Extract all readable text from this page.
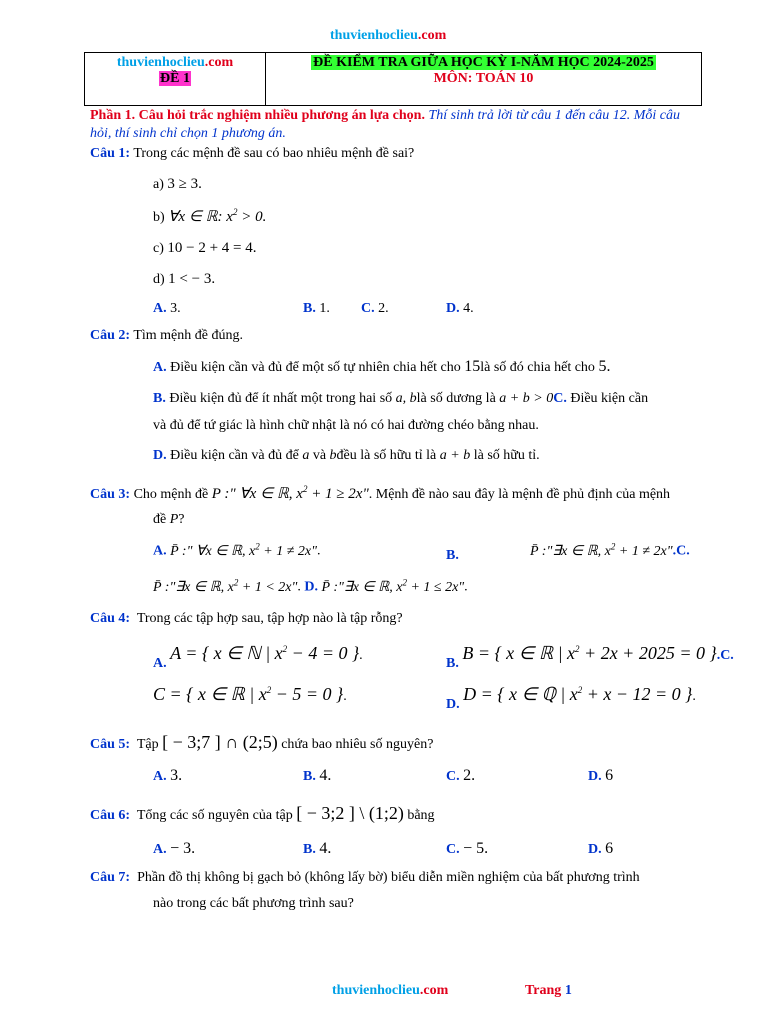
thuvienhoclieu.com
thuvienhoclieu.com
ĐỀ 1
ĐỀ KIỂM TRA GIỮA HỌC KỲ I-NĂM HỌC 2024-2025
MÔN: TOÁN 10
Phần 1. Câu hỏi trắc nghiệm nhiều phương án lựa chọn. Thí sinh trả lời từ câu 1 đến câu 12. Mỗi câu
hỏi, thí sinh chỉ chọn 1 phương án.
Câu 1: Trong các mệnh đề sau có bao nhiêu mệnh đề sai?
a) 3 ≥ 3.
b) ∀x ∈ ℝ: $x^2 > 0$.
c) 10 − 2 + 4 = 4.
d) 1 < − 3.
A. 3.	B. 1. C. 2.	D. 4.
Câu 2: Tìm mệnh đề đúng.
A. Điều kiện cần và đủ để một số tự nhiên chia hết cho 15là số đó chia hết cho 5.
B. Điều kiện đủ để ít nhất một trong hai số a, blà số dương là a + b > 0C. Điều kiện cần
và đủ để tứ giác là hình chữ nhật là nó có hai đường chéo bằng nhau.
D. Điều kiện cần và đủ để a và bđều là số hữu tỉ là a + b là số hữu tỉ.
Câu 3: Cho mệnh đề P :" ∀x ∈ ℝ, $x^2 + 1 \ge 2x$". Mệnh đề nào sau đây là mệnh đề phủ định của mệnh
đề P?
A. P̄ :" ∀x ∈ ℝ, $x^2 + 1 \ne 2x$".	B.	P̄ :"∃x ∈ ℝ, $x^2 + 1$ ≠ 2x".C.
P̄ :"∃x ∈ ℝ, $x^2 + 1 < 2x$". D. P̄ :"∃x ∈ ℝ, $x^2 + 1 \le 2x$".
Câu 4: Trong các tập hợp sau, tập hợp nào là tập rỗng?
A. A = { x ∈ ℕ | $x^2 - 4 = 0$ }.
B. B = { x ∈ ℝ | $x^2 + 2x + 2025 = 0$ }.C.
C = { x ∈ ℝ | $x^2 - 5 = 0$ }.
D. D = { x ∈ ℚ | $x^2 + x - 12 = 0$ }.
Câu 5: Tập [ − 3;7 ] ∩ (2;5) chứa bao nhiêu số nguyên?
A. 3.	B. 4.	C. 2.	D. 6
Câu 6: Tổng các số nguyên của tập [ − 3;2 ] \ (1;2) bằng
A. − 3.	B. 4.	C. − 5.	D. 6
Câu 7: Phần đồ thị không bị gạch bỏ (không lấy bờ) biểu diễn miền nghiệm của bất phương trình
nào trong các bất phương trình sau?
thuvienhoclieu.com	Trang 1
